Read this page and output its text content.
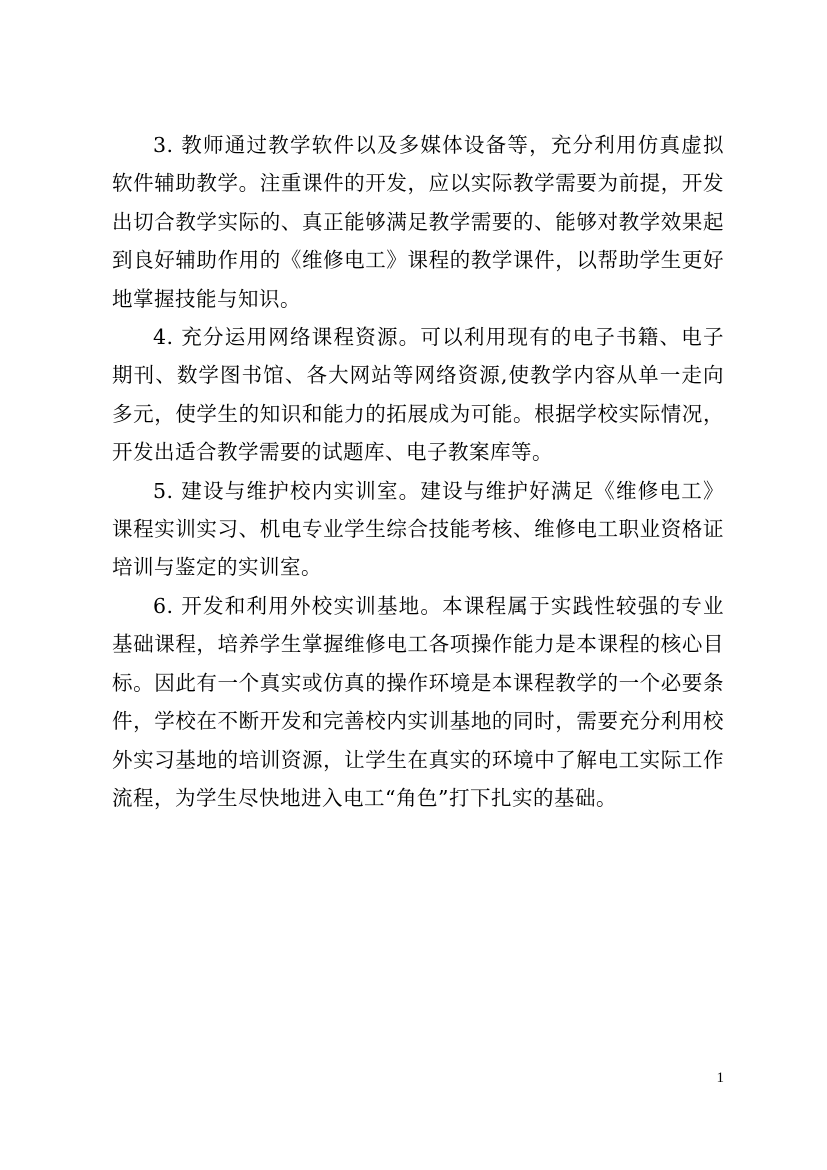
3. 教师通过教学软件以及多媒体设备等，充分利用仿真虚拟软件辅助教学。注重课件的开发，应以实际教学需要为前提，开发出切合教学实际的、真正能够满足教学需要的、能够对教学效果起到良好辅助作用的《维修电工》课程的教学课件，以帮助学生更好地掌握技能与知识。

4. 充分运用网络课程资源。可以利用现有的电子书籍、电子期刊、数学图书馆、各大网站等网络资源,使教学内容从单一走向多元，使学生的知识和能力的拓展成为可能。根据学校实际情况，开发出适合教学需要的试题库、电子教案库等。

5. 建设与维护校内实训室。建设与维护好满足《维修电工》课程实训实习、机电专业学生综合技能考核、维修电工职业资格证培训与鉴定的实训室。

6. 开发和利用外校实训基地。本课程属于实践性较强的专业基础课程，培养学生掌握维修电工各项操作能力是本课程的核心目标。因此有一个真实或仿真的操作环境是本课程教学的一个必要条件，学校在不断开发和完善校内实训基地的同时，需要充分利用校外实习基地的培训资源，让学生在真实的环境中了解电工实际工作流程，为学生尽快地进入电工“角色”打下扎实的基础。

1
